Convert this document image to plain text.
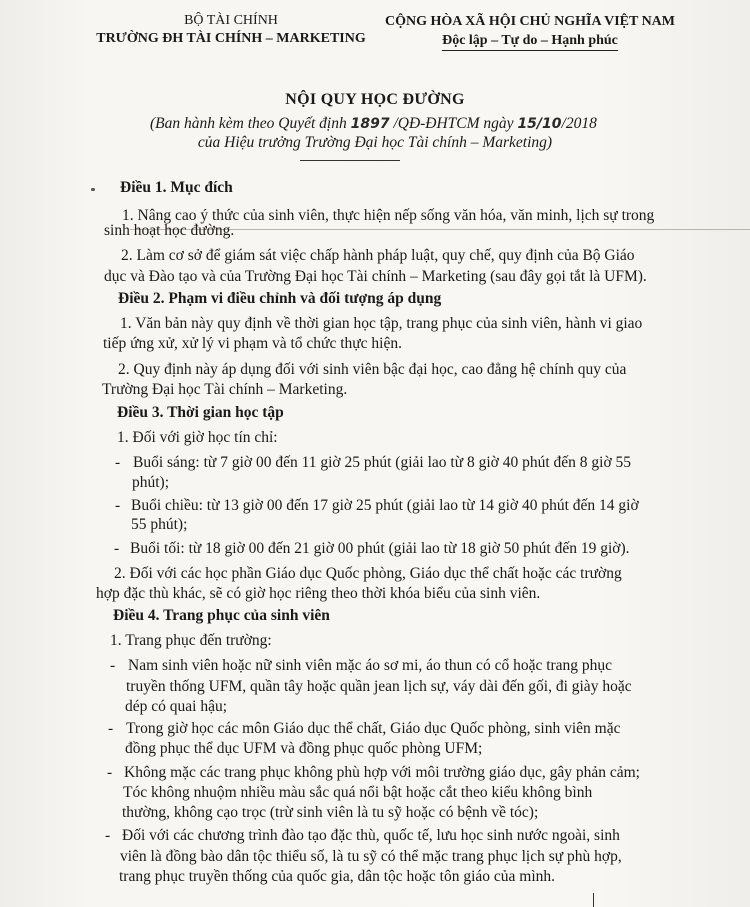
BỘ TÀI CHÍNH
TRƯỜNG ĐH TÀI CHÍNH – MARKETING
CỘNG HÒA XÃ HỘI CHỦ NGHĨA VIỆT NAM
Độc lập – Tự do – Hạnh phúc
NỘI QUY HỌC ĐƯỜNG
(Ban hành kèm theo Quyết định 1897 /QĐ-ĐHTCM ngày 15/10/2018
của Hiệu trưởng Trường Đại học Tài chính – Marketing)
Điều 1. Mục đích
1. Nâng cao ý thức của sinh viên, thực hiện nếp sống văn hóa, văn minh, lịch sự trong
sinh hoạt học đường.
2. Làm cơ sở để giám sát việc chấp hành pháp luật, quy chế, quy định của Bộ Giáo
dục và Đào tạo và của Trường Đại học Tài chính – Marketing (sau đây gọi tắt là UFM).
Điều 2. Phạm vi điều chỉnh và đối tượng áp dụng
1. Văn bản này quy định về thời gian học tập, trang phục của sinh viên, hành vi giao
tiếp ứng xử, xử lý vi phạm và tổ chức thực hiện.
2. Quy định này áp dụng đối với sinh viên bậc đại học, cao đẳng hệ chính quy của
Trường Đại học Tài chính – Marketing.
Điều 3. Thời gian học tập
1. Đối với giờ học tín chỉ:
- Buổi sáng: từ 7 giờ 00 đến 11 giờ 25 phút (giải lao từ 8 giờ 40 phút đến 8 giờ 55
phút);
- Buổi chiều: từ 13 giờ 00 đến 17 giờ 25 phút (giải lao từ 14 giờ 40 phút đến 14 giờ
55 phút);
- Buổi tối: từ 18 giờ 00 đến 21 giờ 00 phút (giải lao từ 18 giờ 50 phút đến 19 giờ).
2. Đối với các học phần Giáo dục Quốc phòng, Giáo dục thể chất hoặc các trường
hợp đặc thù khác, sẽ có giờ học riêng theo thời khóa biểu của sinh viên.
Điều 4. Trang phục của sinh viên
1. Trang phục đến trường:
- Nam sinh viên hoặc nữ sinh viên mặc áo sơ mi, áo thun có cổ hoặc trang phục
truyền thống UFM, quần tây hoặc quần jean lịch sự, váy dài đến gối, đi giày hoặc
dép có quai hậu;
- Trong giờ học các môn Giáo dục thể chất, Giáo dục Quốc phòng, sinh viên mặc
đồng phục thể dục UFM và đồng phục quốc phòng UFM;
- Không mặc các trang phục không phù hợp với môi trường giáo dục, gây phản cảm;
Tóc không nhuộm nhiều màu sắc quá nổi bật hoặc cắt theo kiểu không bình
thường, không cạo trọc (trừ sinh viên là tu sỹ hoặc có bệnh về tóc);
- Đối với các chương trình đào tạo đặc thù, quốc tế, lưu học sinh nước ngoài, sinh
viên là đồng bào dân tộc thiểu số, là tu sỹ có thể mặc trang phục lịch sự phù hợp,
trang phục truyền thống của quốc gia, dân tộc hoặc tôn giáo của mình.
